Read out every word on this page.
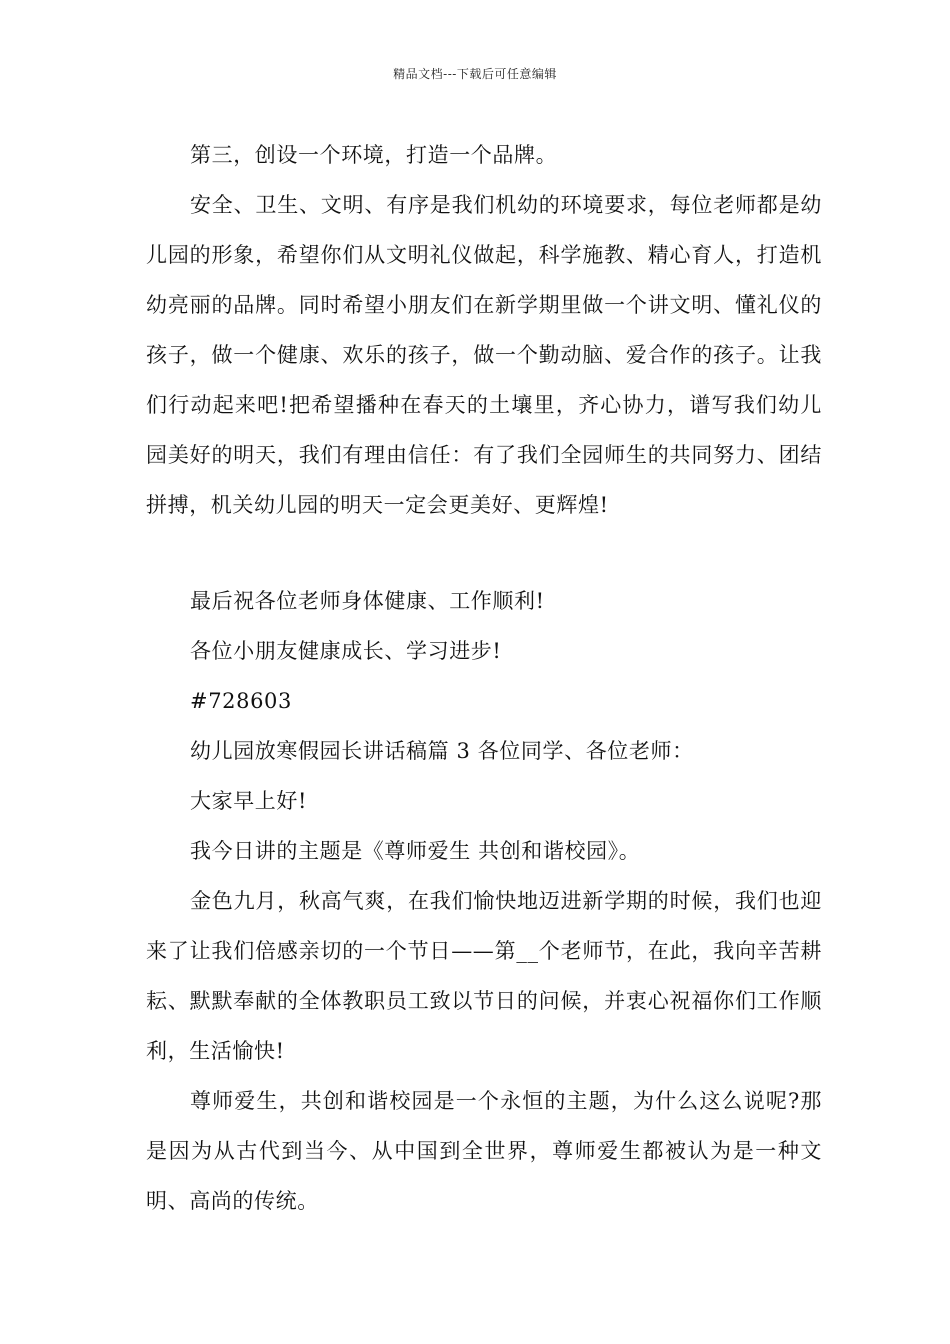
精品文档---下载后可任意编辑

第三，创设一个环境，打造一个品牌。

安全、卫生、文明、有序是我们机幼的环境要求，每位老师都是幼儿园的形象，希望你们从文明礼仪做起，科学施教、精心育人，打造机幼亮丽的品牌。同时希望小朋友们在新学期里做一个讲文明、懂礼仪的孩子，做一个健康、欢乐的孩子，做一个勤动脑、爱合作的孩子。让我们行动起来吧!把希望播种在春天的土壤里，齐心协力，谱写我们幼儿园美好的明天，我们有理由信任：有了我们全园师生的共同努力、团结拼搏，机关幼儿园的明天一定会更美好、更辉煌!

最后祝各位老师身体健康、工作顺利!

各位小朋友健康成长、学习进步!

#728603

幼儿园放寒假园长讲话稿篇 3 各位同学、各位老师：

大家早上好!

我今日讲的主题是《尊师爱生 共创和谐校园》。

金色九月，秋高气爽，在我们愉快地迈进新学期的时候，我们也迎来了让我们倍感亲切的一个节日——第__个老师节，在此，我向辛苦耕耘、默默奉献的全体教职员工致以节日的问候，并衷心祝福你们工作顺利，生活愉快!

尊师爱生，共创和谐校园是一个永恒的主题，为什么这么说呢?那是因为从古代到当今、从中国到全世界，尊师爱生都被认为是一种文明、高尚的传统。
